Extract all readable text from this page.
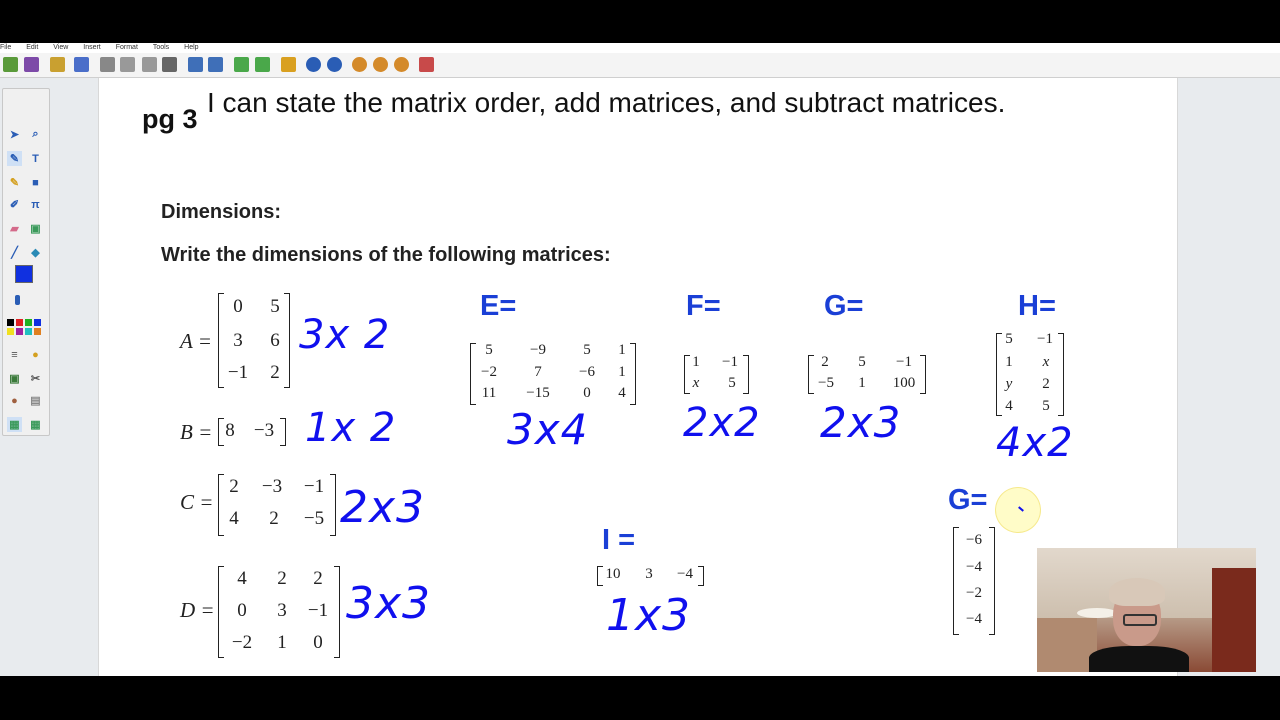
File Edit View Insert Format Tools Help
➤	⌕
✎	T
✎	■
✐ π
▰ ▣
╱	◆
≡	●
▣ ✂
●	▤
▦ ▦
pg 3
I can state the matrix order, add matrices, and subtract matrices.
Dimensions:
Write the dimensions of the following matrices:
A =
0	5
3	6
−1	2
3x 2
B = 8	−3 1x 2
C =
2	−3	−1
4	2	−5 2x3
D =
4	2	2
0	3	−1
−2	1	0
3x3
E=
5	−9	5	1
−2	7	−6	1
11	−15	0	4
3x4
F=
1	−1
x	5
2x2
G=
2	5	−1
−5	1	100
2x3
H=
5	−1
1	x
y	2
4	5
4x2
I =
10	3	−4
1x3
G=
−6
−4
−2
−4
